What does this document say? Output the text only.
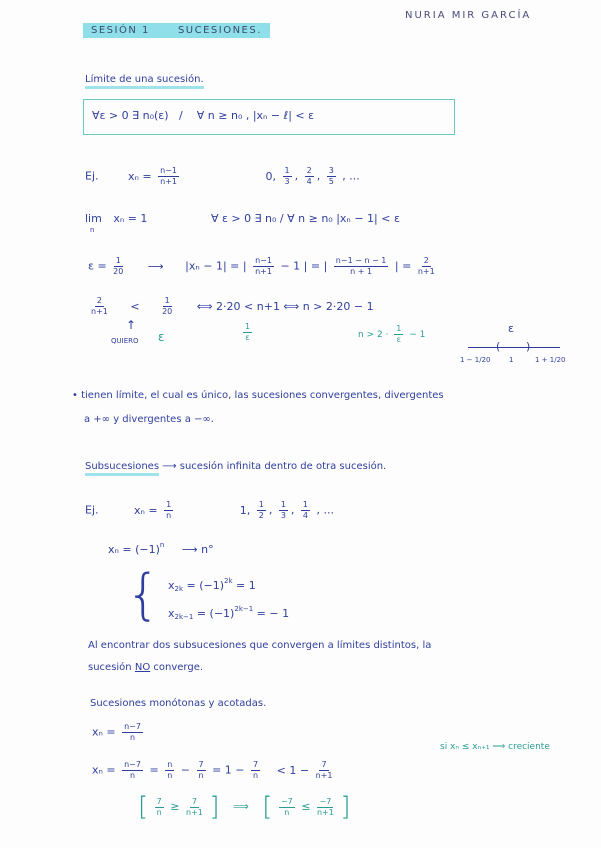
NURIA MIR GARCÍA
SESIÓN 1	SUCESIONES.
Límite de una sucesión.
∀ε > 0 ∃ n₀(ε) / ∀ n ≥ n₀ , |xₙ − ℓ| < ε
Ej.	$x_n = \frac{n-1}{n+1}$	0, $\frac{1}{3}$ , $\frac{2}{4}$ , $\frac{3}{5}$ , ...
lim
n
xₙ = 1	∀ ε > 0 ∃ n₀ / ∀ n ≥ n₀ |xₙ − 1| < ε
$\varepsilon = \frac{1}{20}$ ⟶ |xₙ − 1| = | $\frac{n-1}{n+1} - 1$ | = | $\frac{n-1 - n - 1}{n + 1}$ | = $\frac{2}{n+1}$
$\frac{2}{n+1}$ <	$\frac{1}{20}$ ⟺ 2·20 < n+1 ⟺ n > 2·20 − 1
↑
QUIERO ε	$\frac{1}{\varepsilon}$	$n > 2 \cdot \frac{1}{\varepsilon} - 1$	ε
( )
1 − 1/20	1	1 + 1/20
• tienen límite, el cual es único, las sucesiones convergentes, divergentes
a +∞ y divergentes a −∞.
Subsucesiones ⟶ sucesión infinita dentro de otra sucesión.
Ej.	$x_n = \frac{1}{n}$	1, $\frac{1}{2}$ , $\frac{1}{3}$ , $\frac{1}{4}$ , ...
$x_n = (-1)^n$ ⟶ n°
{ $x_{2k} = (-1)^{2k} = 1$
$x_{2k-1} = (-1)^{2k-1}$ = − 1
Al encontrar dos subsucesiones que convergen a límites distintos, la
sucesión NO converge.
Sucesiones monótonas y acotadas.
$x_n = \frac{n-7}{n}$
$x_n = \frac{n-7}{n} = \frac{n}{n} - \frac{7}{n} = 1 - \frac{7}{n} < 1 - \frac{7}{n+1}$
si xₙ ≤ xₙ₊₁ ⟹ creciente
[ $\frac{7}{n} \ge \frac{7}{n+1}$ ] ⟹ [ $\frac{-7}{n} \le \frac{-7}{n+1}$ ]
